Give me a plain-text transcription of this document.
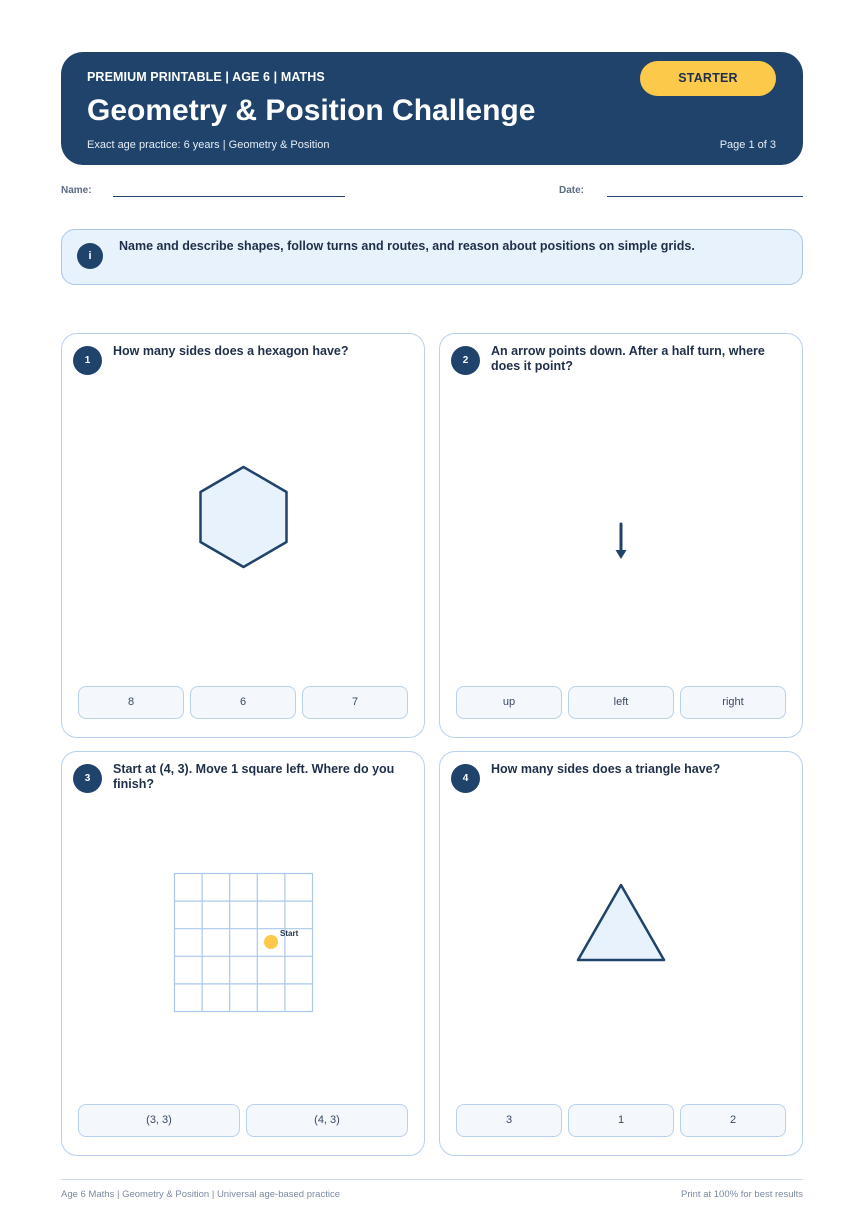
PREMIUM PRINTABLE | AGE 6 | MATHS
Geometry & Position Challenge
Exact age practice: 6 years | Geometry & Position	Page 1 of 3
STARTER
Name:	Date:
i
Name and describe shapes, follow turns and routes, and reason about positions on simple grids.
1
How many sides does a hexagon have?
8	6	7
2
An arrow points down. After a half turn, where does it point?
up	left	right
3
Start at (4, 3). Move 1 square left. Where do you finish?
Start
(3, 3)	(4, 3)
4
How many sides does a triangle have?
3	1	2
Age 6 Maths | Geometry & Position | Universal age-based practice	Print at 100% for best results
